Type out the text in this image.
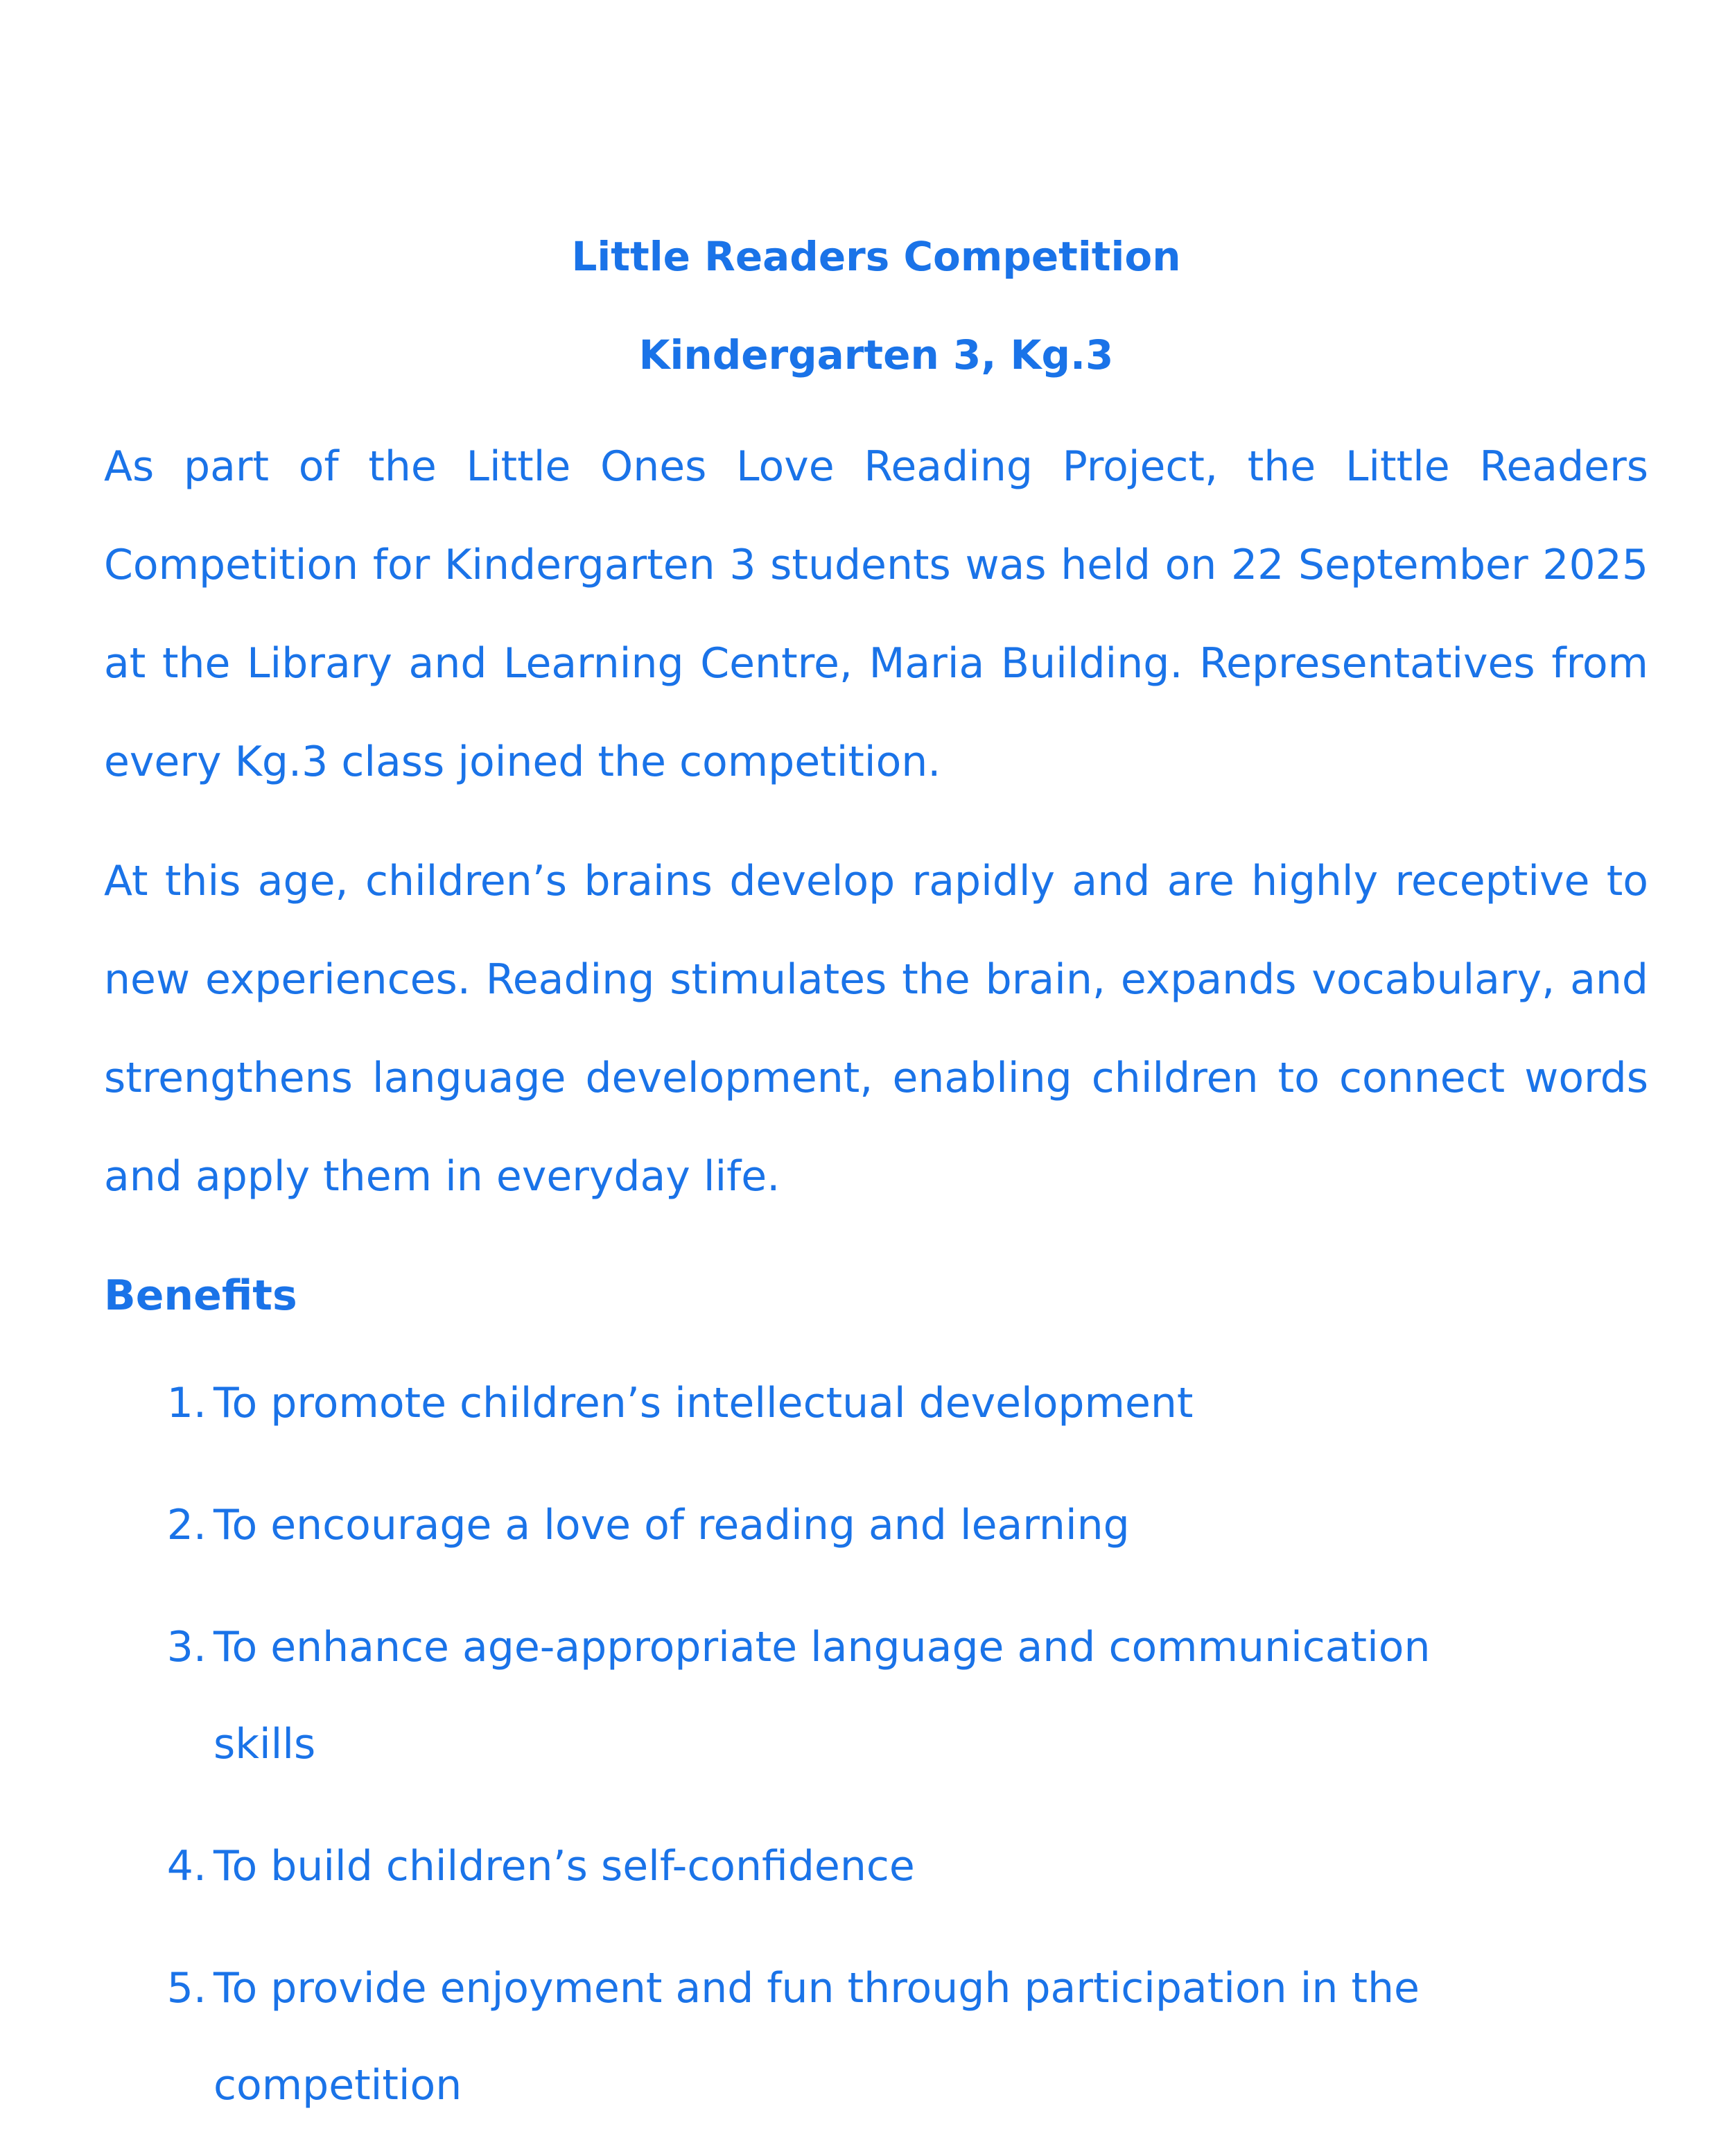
Little Readers Competition
Kindergarten 3, Kg.3

As part of the Little Ones Love Reading Project, the Little Readers Competition for Kindergarten 3 students was held on 22 September 2025 at the Library and Learning Centre, Maria Building. Representatives from every Kg.3 class joined the competition.

At this age, children’s brains develop rapidly and are highly receptive to new experiences. Reading stimulates the brain, expands vocabulary, and strengthens language development, enabling children to connect words and apply them in everyday life.

Benefits
1. To promote children’s intellectual development
2. To encourage a love of reading and learning
3. To enhance age-appropriate language and communication skills
4. To build children’s self-confidence
5. To provide enjoyment and fun through participation in the competition
